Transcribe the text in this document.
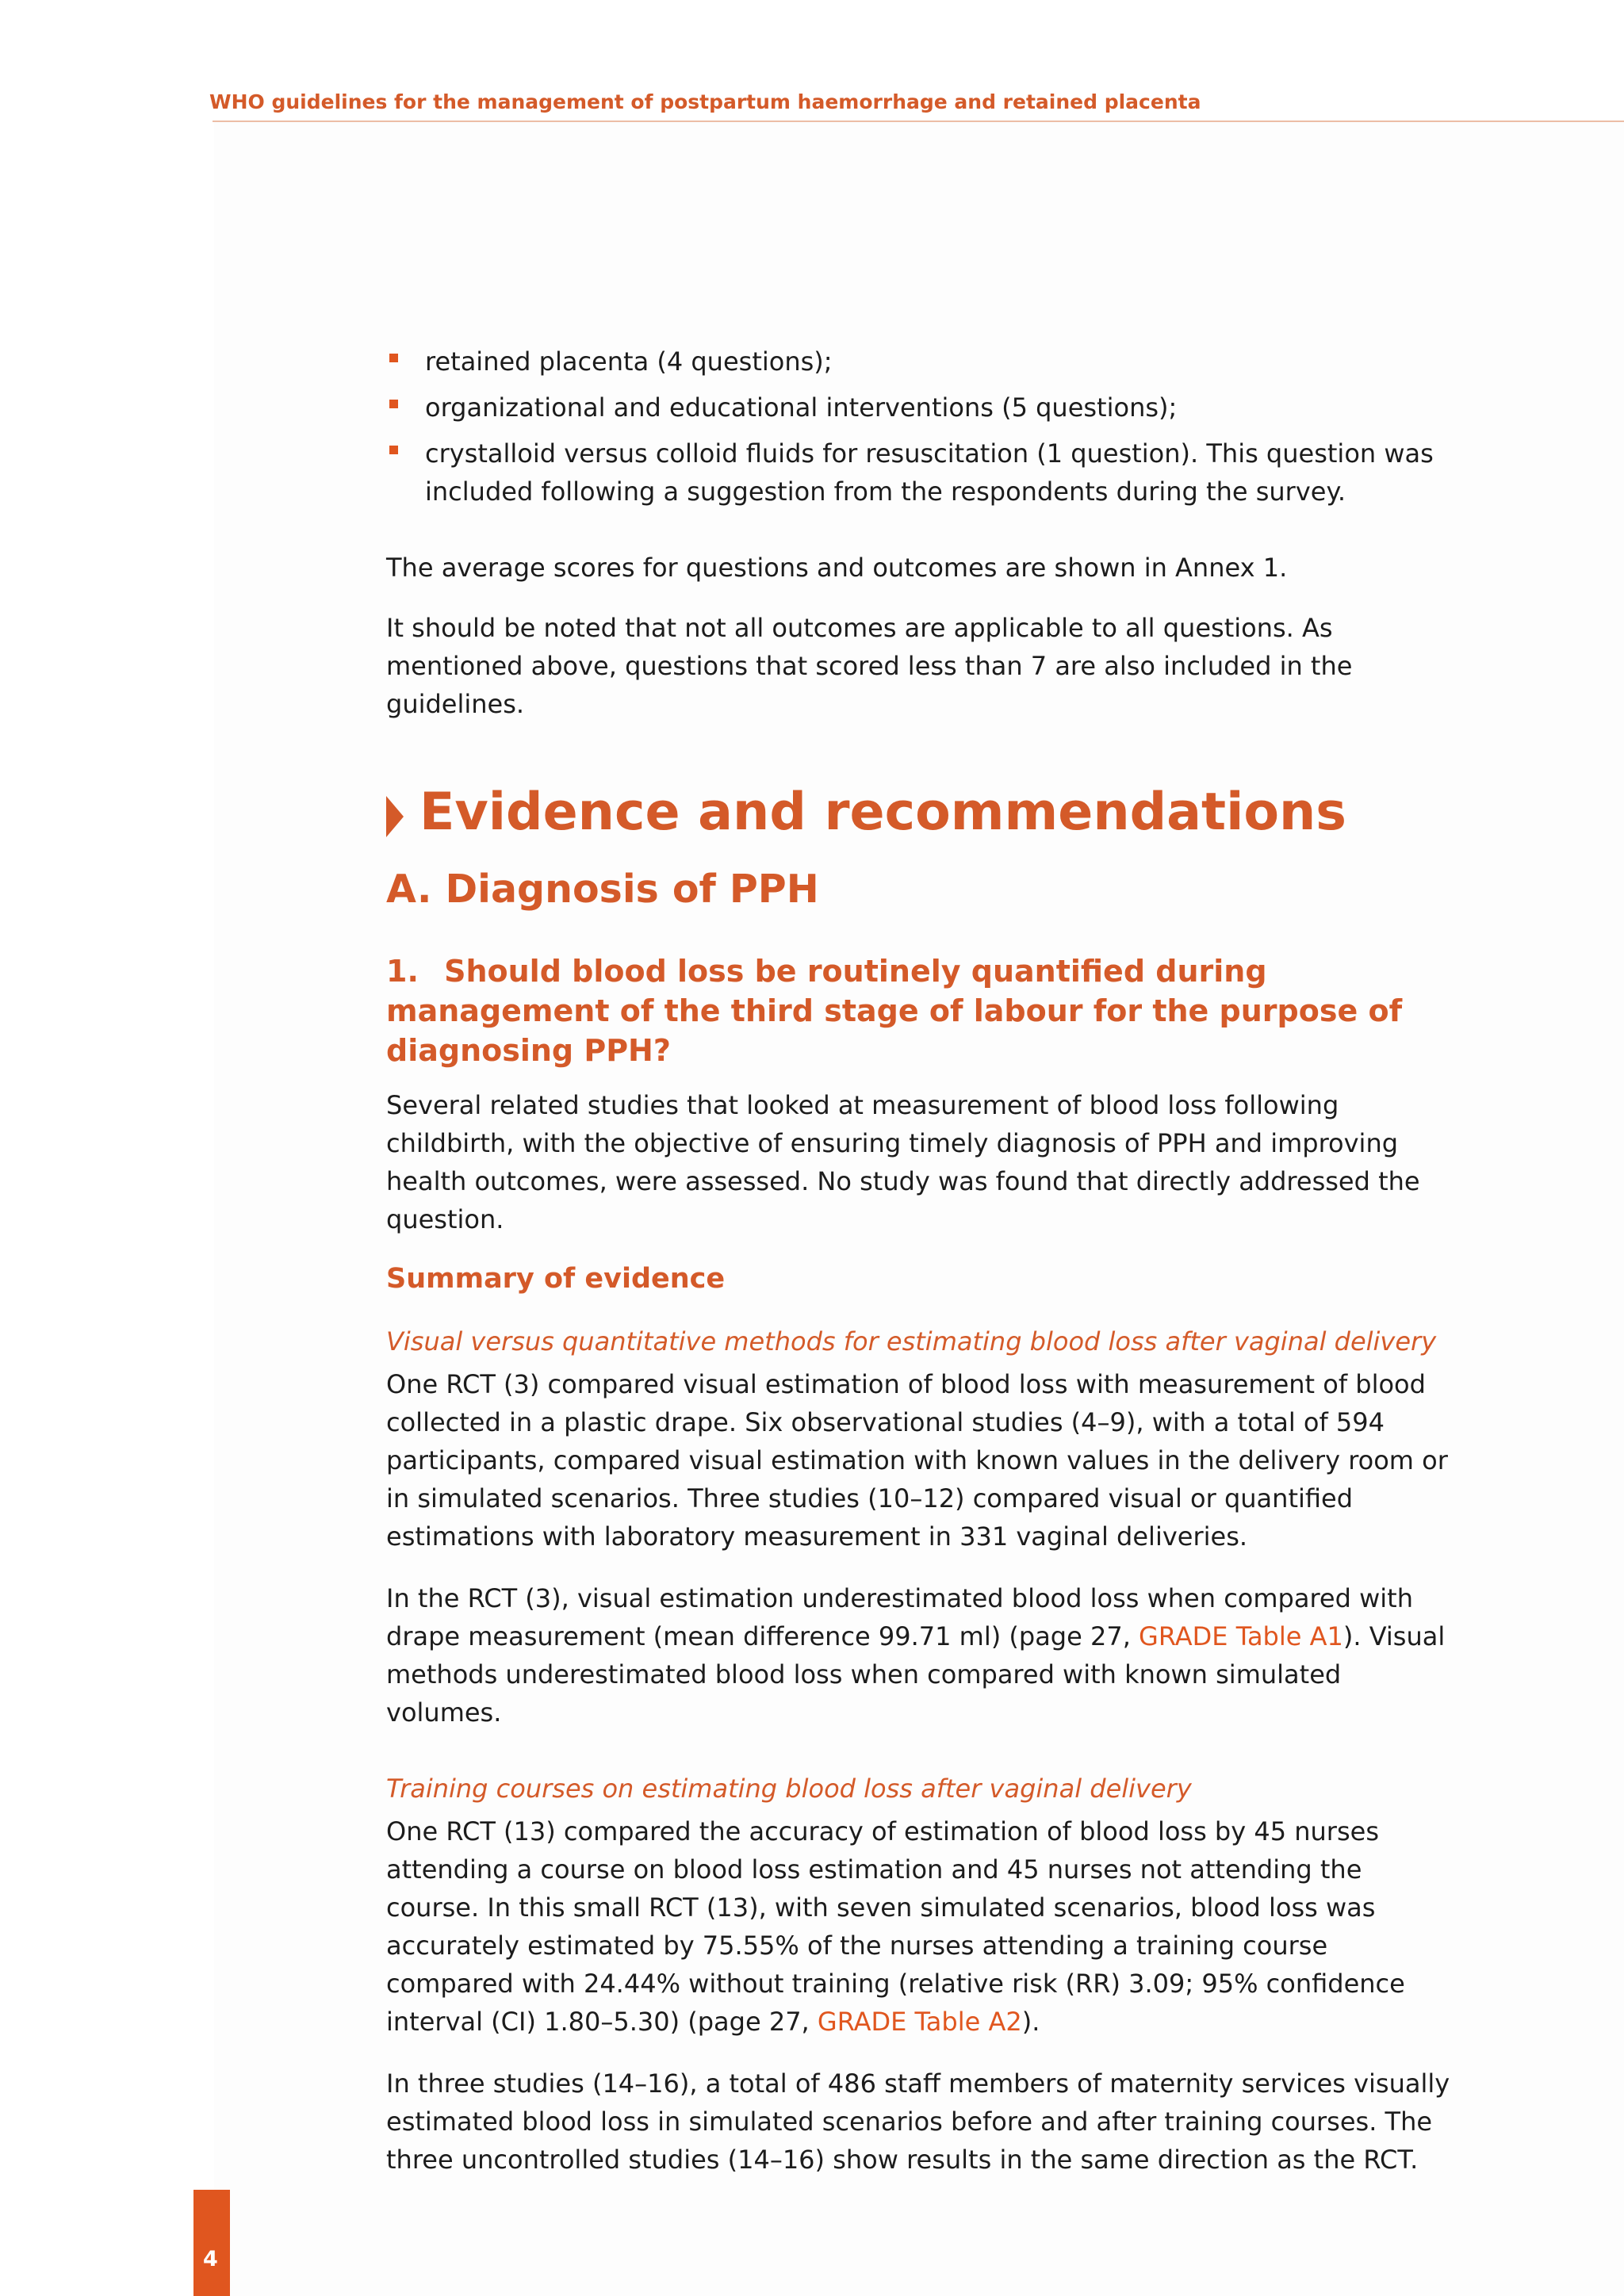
WHO guidelines for the management of postpartum haemorrhage and retained placenta
retained placenta (4 questions);
organizational and educational interventions (5 questions);
crystalloid versus colloid fluids for resuscitation (1 question). This question was included following a suggestion from the respondents during the survey.

The average scores for questions and outcomes are shown in Annex 1.

It should be noted that not all outcomes are applicable to all questions. As mentioned above, questions that scored less than 7 are also included in the guidelines.

Evidence and recommendations
A. Diagnosis of PPH
1.  Should blood loss be routinely quantified during management of the third stage of labour for the purpose of diagnosing PPH?

Several related studies that looked at measurement of blood loss following childbirth, with the objective of ensuring timely diagnosis of PPH and improving health outcomes, were assessed. No study was found that directly addressed the question.

Summary of evidence

Visual versus quantitative methods for estimating blood loss after vaginal delivery

One RCT (3) compared visual estimation of blood loss with measurement of blood collected in a plastic drape. Six observational studies (4–9), with a total of 594 participants, compared visual estimation with known values in the delivery room or in simulated scenarios. Three studies (10–12) compared visual or quantified estimations with laboratory measurement in 331 vaginal deliveries.

In the RCT (3), visual estimation underestimated blood loss when compared with drape measurement (mean difference 99.71 ml) (page 27, GRADE Table A1). Visual methods underestimated blood loss when compared with known simulated volumes.

Training courses on estimating blood loss after vaginal delivery

One RCT (13) compared the accuracy of estimation of blood loss by 45 nurses attending a course on blood loss estimation and 45 nurses not attending the course. In this small RCT (13), with seven simulated scenarios, blood loss was accurately estimated by 75.55% of the nurses attending a training course compared with 24.44% without training (relative risk (RR) 3.09; 95% confidence interval (CI) 1.80–5.30) (page 27, GRADE Table A2).

In three studies (14–16), a total of 486 staff members of maternity services visually estimated blood loss in simulated scenarios before and after training courses. The three uncontrolled studies (14–16) show results in the same direction as the RCT.

4
